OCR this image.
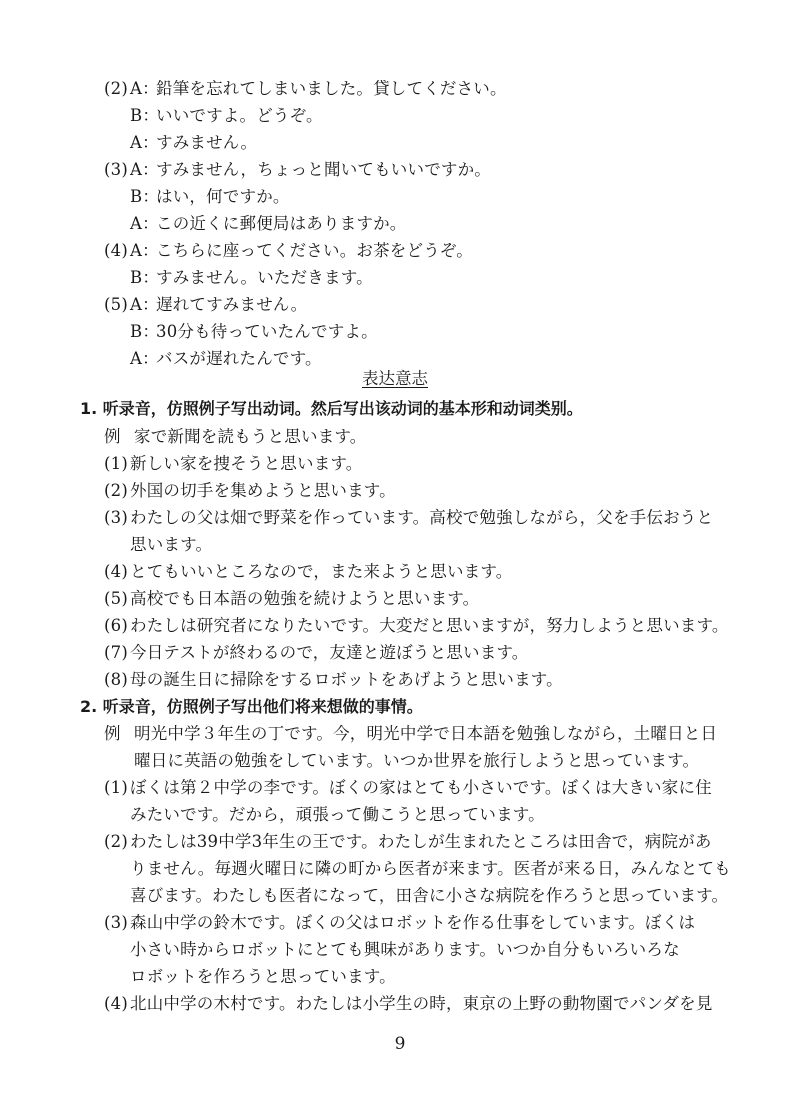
(2) A：鉛筆を忘れてしまいました。貸してください。
B：いいですよ。どうぞ。
A：すみません。
(3) A：すみません，ちょっと聞いてもいいですか。
B：はい，何ですか。
A：この近くに郵便局はありますか。
(4) A：こちらに座ってください。お茶をどうぞ。
B：すみません。いただきます。
(5) A：遅れてすみません。
B：30分も待っていたんですよ。
A：バスが遅れたんです。
表达意志
1. 听录音，仿照例子写出动词。然后写出该动词的基本形和动词类别。
例 家で新聞を読もうと思います。
(1) 新しい家を捜そうと思います。
(2) 外国の切手を集めようと思います。
(3) わたしの父は畑で野菜を作っています。高校で勉強しながら，父を手伝おうと
思います。
(4) とてもいいところなので，また来ようと思います。
(5) 高校でも日本語の勉強を続けようと思います。
(6) わたしは研究者になりたいです。大変だと思いますが，努力しようと思います。
(7) 今日テストが終わるので，友達と遊ぼうと思います。
(8) 母の誕生日に掃除をするロボットをあげようと思います。
2. 听录音，仿照例子写出他们将来想做的事情。
例 明光中学３年生の丁です。今，明光中学で日本語を勉強しながら，土曜日と日
曜日に英語の勉強をしています。いつか世界を旅行しようと思っています。
(1) ぼくは第２中学の李です。ぼくの家はとても小さいです。ぼくは大きい家に住
みたいです。だから，頑張って働こうと思っています。
(2) わたしは39中学3年生の王です。わたしが生まれたところは田舎で，病院があ
りません。毎週火曜日に隣の町から医者が来ます。医者が来る日，みんなとても
喜びます。わたしも医者になって，田舎に小さな病院を作ろうと思っています。
(3) 森山中学の鈴木です。ぼくの父はロボットを作る仕事をしています。ぼくは
小さい時からロボットにとても興味があります。いつか自分もいろいろな
ロボットを作ろうと思っています。
(4) 北山中学の木村です。わたしは小学生の時，東京の上野の動物園でパンダを見
9
